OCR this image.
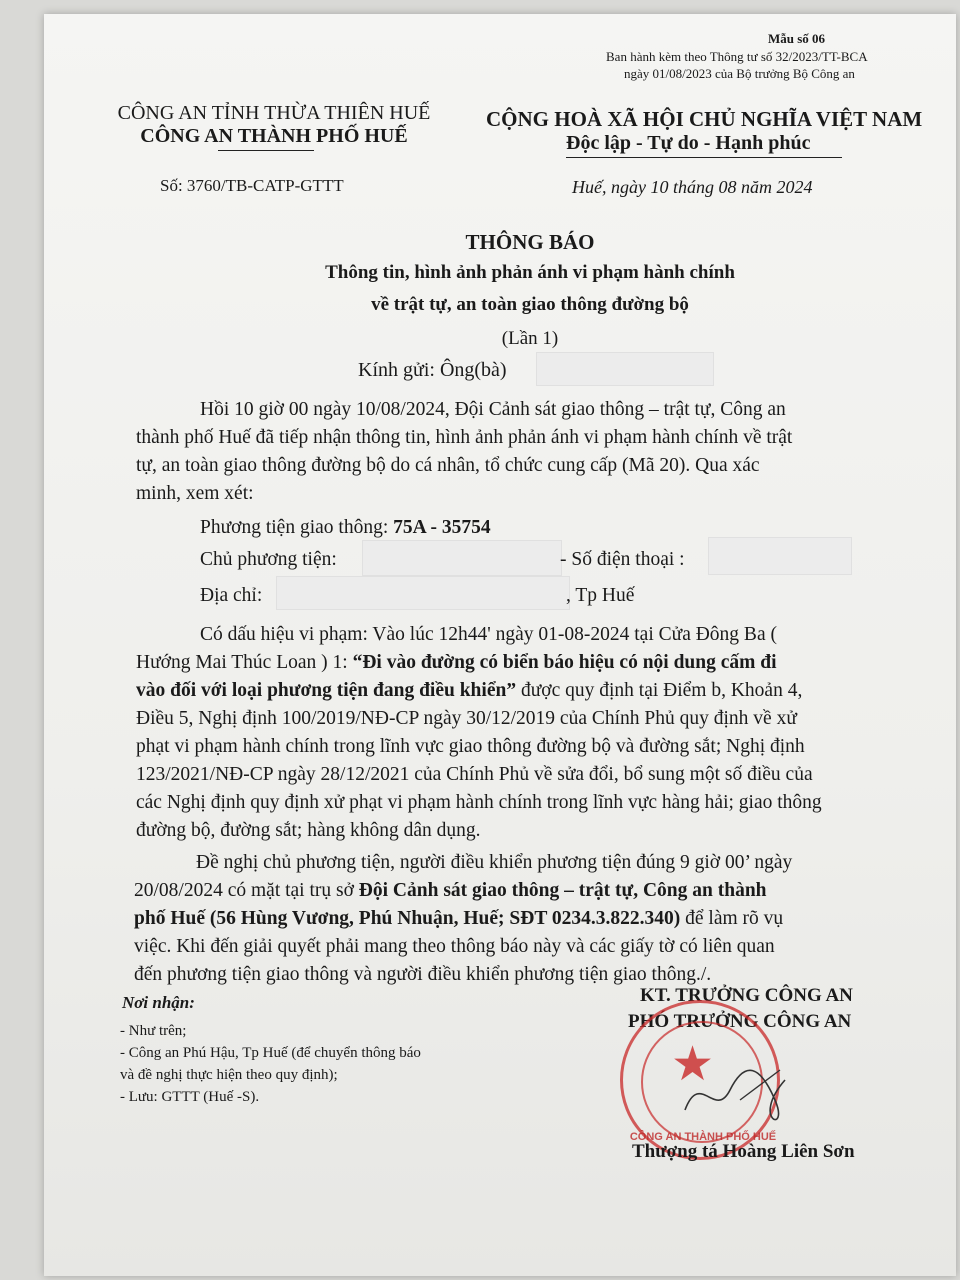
Mẫu số 06
Ban hành kèm theo Thông tư số 32/2023/TT-BCA
ngày 01/08/2023 của Bộ trưởng Bộ Công an
CÔNG AN TỈNH THỪA THIÊN HUẾ
CÔNG AN THÀNH PHỐ HUẾ
Số: 3760/TB-CATP-GTTT
CỘNG HOÀ XÃ HỘI CHỦ NGHĨA VIỆT NAM
Độc lập - Tự do - Hạnh phúc
Huế, ngày 10 tháng 08 năm 2024
THÔNG BÁO
Thông tin, hình ảnh phản ánh vi phạm hành chính
về trật tự, an toàn giao thông đường bộ
(Lần 1)
Kính gửi: Ông(bà)
Hồi 10 giờ 00 ngày 10/08/2024, Đội Cảnh sát giao thông – trật tự, Công an
thành phố Huế đã tiếp nhận thông tin, hình ảnh phản ánh vi phạm hành chính về trật
tự, an toàn giao thông đường bộ do cá nhân, tổ chức cung cấp (Mã 20). Qua xác
minh, xem xét:
Phương tiện giao thông: 75A - 35754
Chủ phương tiện:	- Số điện thoại :
Địa chỉ:	, Tp Huế
Có dấu hiệu vi phạm: Vào lúc 12h44' ngày 01-08-2024 tại Cửa Đông Ba (
Hướng Mai Thúc Loan ) 1: “Đi vào đường có biển báo hiệu có nội dung cấm đi
vào đối với loại phương tiện đang điều khiển” được quy định tại Điểm b, Khoản 4,
Điều 5, Nghị định 100/2019/NĐ-CP ngày 30/12/2019 của Chính Phủ quy định về xử
phạt vi phạm hành chính trong lĩnh vực giao thông đường bộ và đường sắt; Nghị định
123/2021/NĐ-CP ngày 28/12/2021 của Chính Phủ về sửa đổi, bổ sung một số điều của
các Nghị định quy định xử phạt vi phạm hành chính trong lĩnh vực hàng hải; giao thông
đường bộ, đường sắt; hàng không dân dụng.
Đề nghị chủ phương tiện, người điều khiển phương tiện đúng 9 giờ 00’ ngày
20/08/2024 có mặt tại trụ sở Đội Cảnh sát giao thông – trật tự, Công an thành
phố Huế (56 Hùng Vương, Phú Nhuận, Huế; SĐT 0234.3.822.340) để làm rõ vụ
việc. Khi đến giải quyết phải mang theo thông báo này và các giấy tờ có liên quan
đến phương tiện giao thông và người điều khiển phương tiện giao thông./.
Nơi nhận:
- Như trên;
- Công an Phú Hậu, Tp Huế (để chuyển thông báo
và đề nghị thực hiện theo quy định);
- Lưu: GTTT (Huế -S).
KT. TRƯỞNG CÔNG AN
PHÓ TRƯỞNG CÔNG AN
★
CÔNG AN THÀNH PHỐ HUẾ
Thượng tá Hoàng Liên Sơn
